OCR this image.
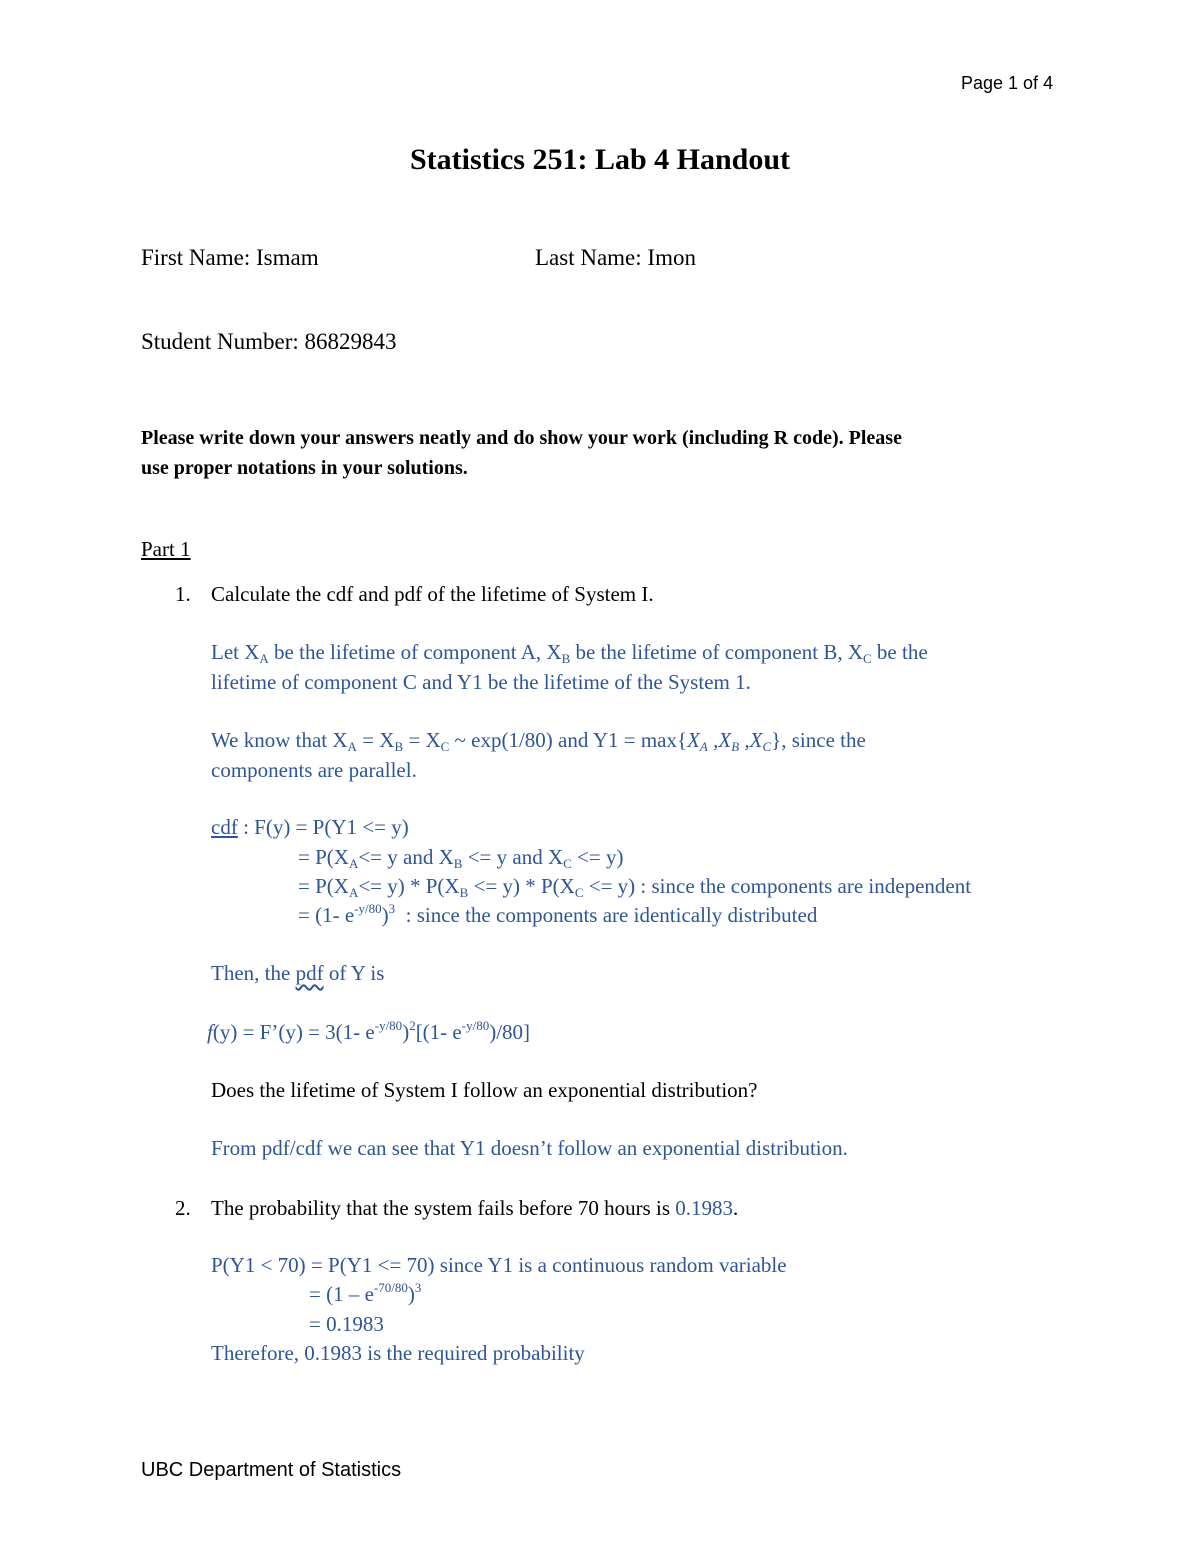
Page 1 of 4
Statistics 251: Lab 4 Handout
First Name: Ismam	Last Name: Imon
Student Number: 86829843
Please write down your answers neatly and do show your work (including R code). Please
use proper notations in your solutions.
Part 1
1. Calculate the cdf and pdf of the lifetime of System I.
Let $X_A$ be the lifetime of component A, $X_B$ be the lifetime of component B, $X_C$ be the
lifetime of component C and Y1 be the lifetime of the System 1.
We know that $X_A = X_B = X_C$ ~ exp(1/80) and $Y1 = \max\{X_A$ $,X_B$ $,X_C$}, since the
components are parallel.
cdf : F(y) = P(Y1 <= y)
= $P(X_A<= y$ and $X_B <= y$ and $X_C <= y$)
= $P(X_A<= y) * P(X_B <= y) * P(X_C <= y)$ : since the components are independent
= (1- $e^{-y/80})^3$  : since the components are identically distributed
Then, the pdf of Y is
f(y) = F’(y) = 3(1- $e^{-y/80})^2[(1-$ $e^{-y/80})/80$]
Does the lifetime of System I follow an exponential distribution?
From pdf/cdf we can see that Y1 doesn’t follow an exponential distribution.
2. The probability that the system fails before 70 hours is 0.1983.
P(Y1 < 70) = P(Y1 <= 70) since Y1 is a continuous random variable
= $(1 - e^{-70/80})^3$
= 0.1983
Therefore, 0.1983 is the required probability
UBC Department of Statistics
